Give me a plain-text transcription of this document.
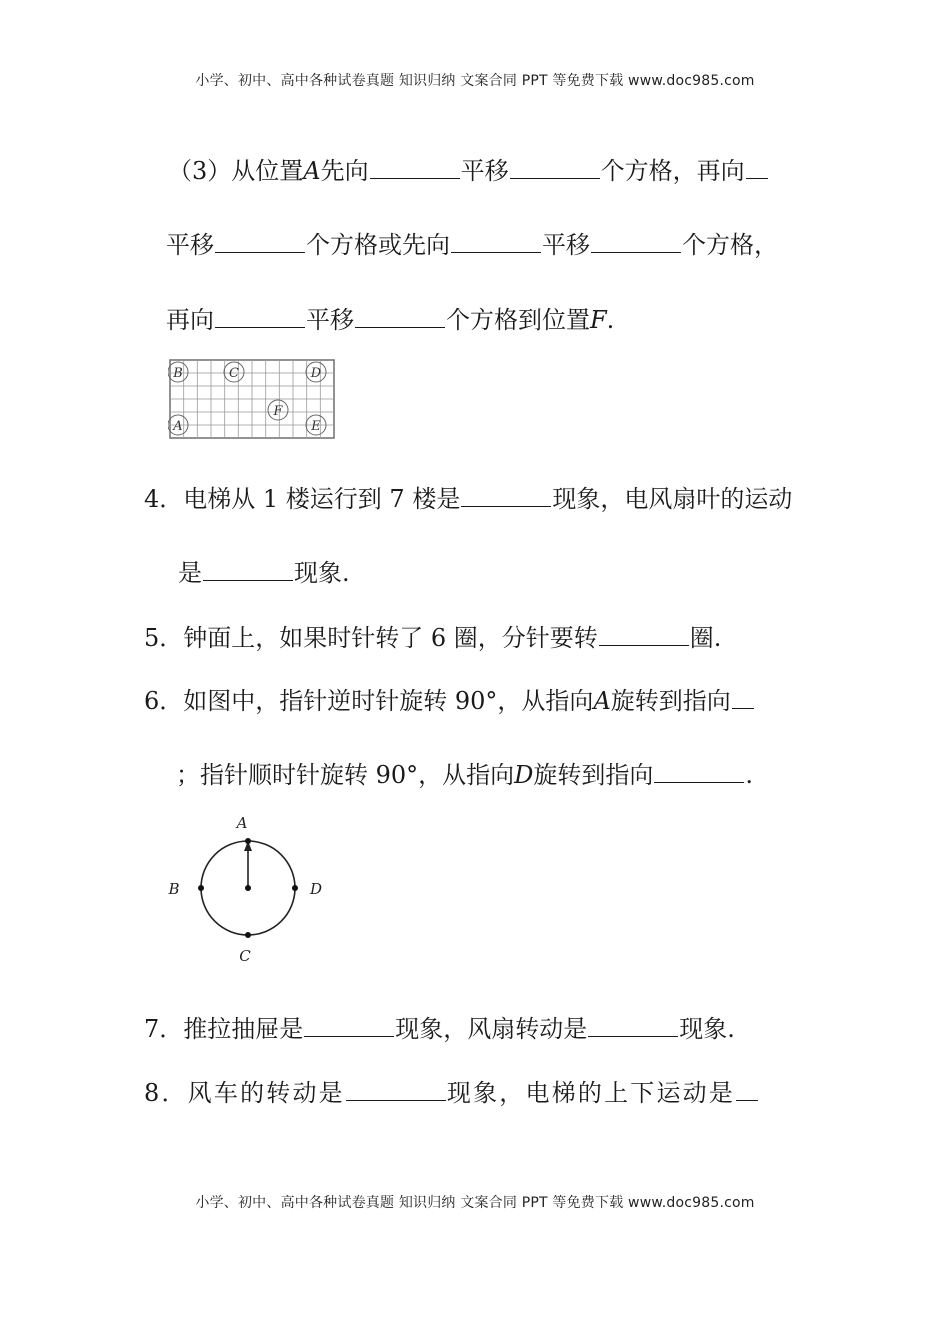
小学、初中、高中各种试卷真题 知识归纳 文案合同 PPT 等免费下载 www.doc985.com
（3）从位置A先向	平移	个方格，再向
平移	个方格或先向	平移	个方格，
再向	平移	个方格到位置F.
B	C	D
A	E
F
4．电梯从 1 楼运行到 7 楼是	现象，电风扇叶的运动
是	现象.
5．钟面上，如果时针转了 6 圈，分针要转	圈.
6．如图中，指针逆时针旋转 90°，从指向A旋转到指向
；指针顺时针旋转 90°，从指向D旋转到指向	.
A
B	D
C
7．推拉抽屉是	现象，风扇转动是	现象.
8．风车的转动是	现象，电梯的上下运动是
小学、初中、高中各种试卷真题 知识归纳 文案合同 PPT 等免费下载 www.doc985.com
